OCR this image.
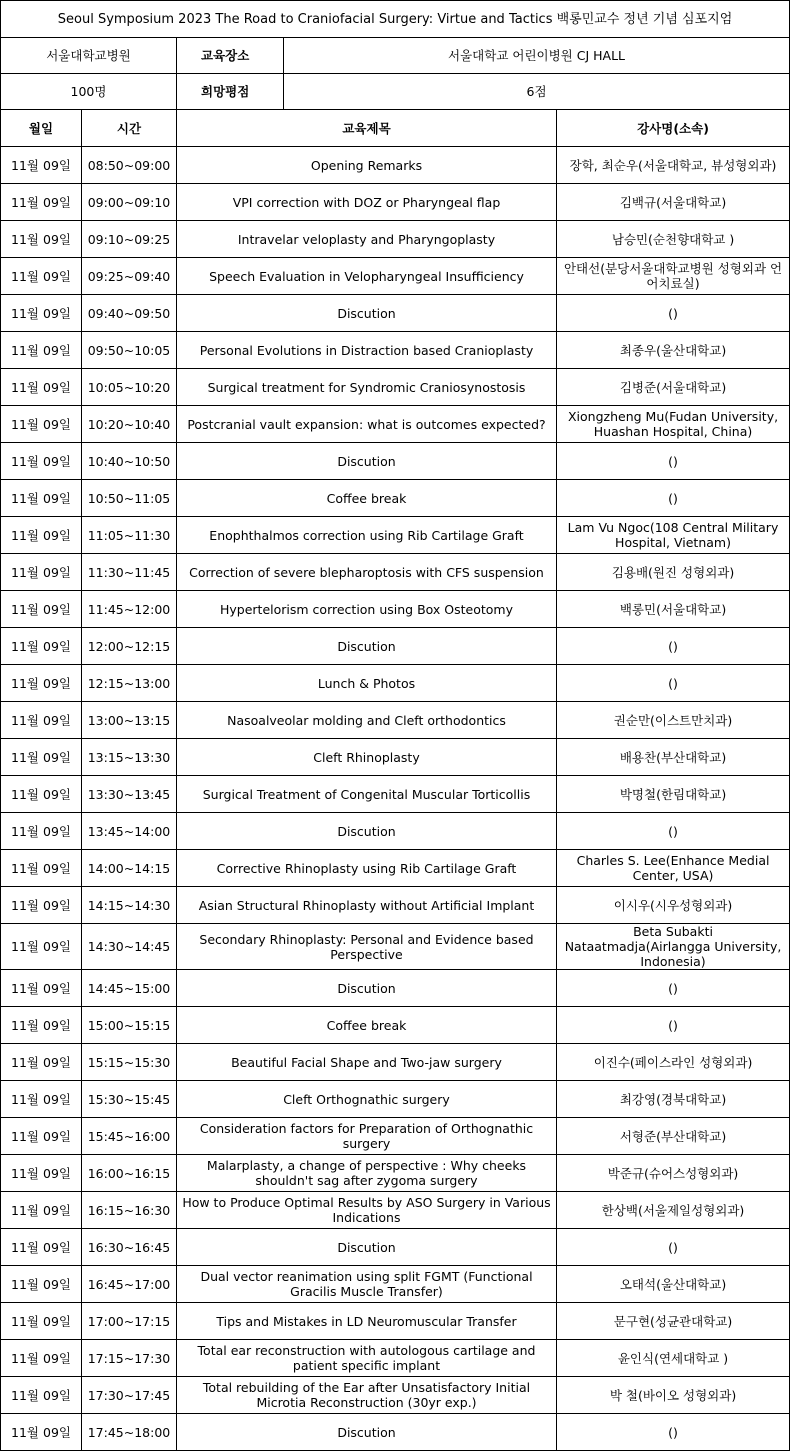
Seoul Symposium 2023 The Road to Craniofacial Surgery: Virtue and Tactics 백롱민교수 정년 기념 심포지엄				
서울대학교병원		교육장소	서울대학교 어린이병원 CJ HALL	
100명		희망평점	6점	
월일	시간	교육제목		강사명(소속)
11월 09일	08:50~09:00	Opening Remarks		장학, 최순우(서울대학교, 뷰성형외과)
11월 09일	09:00~09:10	VPI correction with DOZ or Pharyngeal flap		김백규(서울대학교)
11월 09일	09:10~09:25	Intravelar veloplasty and Pharyngoplasty		남승민(순천향대학교 )
11월 09일	09:25~09:40	Speech Evaluation in Velopharyngeal Insufficiency		안태선(분당서울대학교병원 성형외과 언어치료실)
11월 09일	09:40~09:50	Discution		()
11월 09일	09:50~10:05	Personal Evolutions in Distraction based Cranioplasty		최종우(울산대학교)
11월 09일	10:05~10:20	Surgical treatment for Syndromic Craniosynostosis		김병준(서울대학교)
11월 09일	10:20~10:40	Postcranial vault expansion: what is outcomes expected?		Xiongzheng Mu(Fudan University, Huashan Hospital, China)
11월 09일	10:40~10:50	Discution		()
11월 09일	10:50~11:05	Coffee break		()
11월 09일	11:05~11:30	Enophthalmos correction using Rib Cartilage Graft		Lam Vu Ngoc(108 Central Military Hospital, Vietnam)
11월 09일	11:30~11:45	Correction of severe blepharoptosis with CFS suspension		김용배(원진 성형외과)
11월 09일	11:45~12:00	Hypertelorism correction using Box Osteotomy		백롱민(서울대학교)
11월 09일	12:00~12:15	Discution		()
11월 09일	12:15~13:00	Lunch & Photos		()
11월 09일	13:00~13:15	Nasoalveolar molding and Cleft orthodontics		권순만(이스트만치과)
11월 09일	13:15~13:30	Cleft Rhinoplasty		배용찬(부산대학교)
11월 09일	13:30~13:45	Surgical Treatment of Congenital Muscular Torticollis		박명철(한림대학교)
11월 09일	13:45~14:00	Discution		()
11월 09일	14:00~14:15	Corrective Rhinoplasty using Rib Cartilage Graft		Charles S. Lee(Enhance Medial Center, USA)
11월 09일	14:15~14:30	Asian Structural Rhinoplasty without Artificial Implant		이시우(시우성형외과)
11월 09일	14:30~14:45	Secondary Rhinoplasty: Personal and Evidence based Perspective		Beta Subakti Nataatmadja(Airlangga University, Indonesia)
11월 09일	14:45~15:00	Discution		()
11월 09일	15:00~15:15	Coffee break		()
11월 09일	15:15~15:30	Beautiful Facial Shape and Two-jaw surgery		이진수(페이스라인 성형외과)
11월 09일	15:30~15:45	Cleft Orthognathic surgery		최강영(경북대학교)
11월 09일	15:45~16:00	Consideration factors for Preparation of Orthognathic surgery		서형준(부산대학교)
11월 09일	16:00~16:15	Malarplasty, a change of perspective : Why cheeks shouldn't sag after zygoma surgery		박준규(슈어스성형외과)
11월 09일	16:15~16:30	How to Produce Optimal Results by ASO Surgery in Various Indications		한상백(서울제일성형외과)
11월 09일	16:30~16:45	Discution		()
11월 09일	16:45~17:00	Dual vector reanimation using split FGMT (Functional Gracilis Muscle Transfer)		오태석(울산대학교)
11월 09일	17:00~17:15	Tips and Mistakes in LD Neuromuscular Transfer		문구현(성균관대학교)
11월 09일	17:15~17:30	Total ear reconstruction with autologous cartilage and patient specific implant		윤인식(연세대학교 )
11월 09일	17:30~17:45	Total rebuilding of the Ear after Unsatisfactory Initial Microtia Reconstruction (30yr exp.)		박 철(바이오 성형외과)
11월 09일	17:45~18:00	Discution		()
